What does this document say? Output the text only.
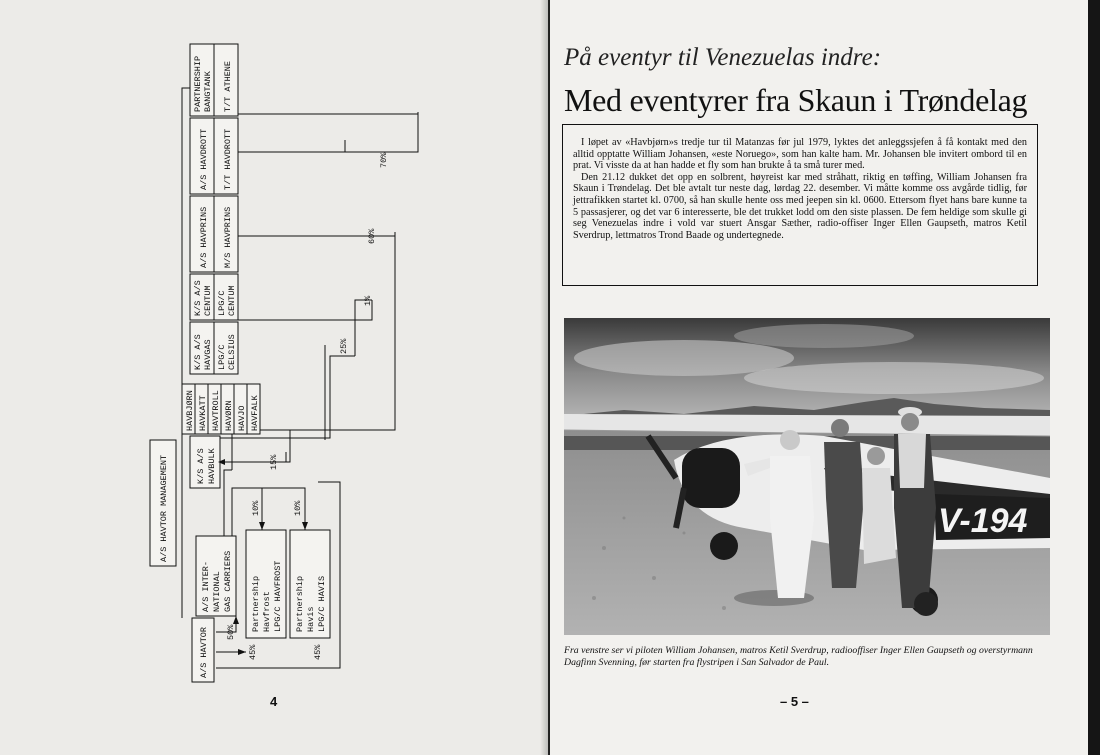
A/S HAVTOR MANAGEMENT
A/S HAVTOR 50%
45%	45%
A/S INTER- NATIONAL GAS CARRIERS Partnership Havfrost LPG/C HAVFROST
10%
Partnership Havis LPG/C HAVIS
10%
K/S A/S HAVBULK	15%
HAVBJØRN HAVKATT HAVTROLL HAVØRN HAVJO HAVFALK
K/S A/S HAVGAS LPG/C CELSIUS	25%
K/S A/S CENTUM LPG/C CENTUM	1%
A/S HAVPRINS M/S HAVPRINS	60%
A/S HAVDROTT T/T HAVDROTT	70%
PARTNERSHIP BANGTANK T/T ATHENE
4
På eventyr til Venezuelas indre:
Med eventyrer fra Skaun i Trøndelag

I løpet av «Havbjørn»s tredje tur til Matanzas før jul 1979, lyktes det anleggssjefen å få kontakt med den alltid opptatte William Johansen, «este Noruego», som han kalte ham. Mr. Johansen ble invitert ombord til en prat. Vi visste da at han hadde et fly som han brukte å ta små turer med.
Den 21.12 dukket det opp en solbrent, høyreist kar med stråhatt, riktig en tøffing, William Johansen fra Skaun i Trøndelag. Det ble avtalt tur neste dag, lørdag 22. desember. Vi måtte komme oss avgårde tidlig, før jettrafikken startet kl. 0700, så han skulle hente oss med jeepen sin kl. 0600. Ettersom flyet hans bare kunne ta 5 passasjerer, og det var 6 interesserte, ble det trukket lodd om den siste plassen. De fem heldige som skulle gi seg Venezuelas indre i vold var stuert Ansgar Sæther, radio-offiser Inger Ellen Gaupseth, matros Ketil Sverdrup, lettmatros Trond Baade og undertegnede.

V-194
Fra venstre ser vi piloten William Johansen, matros Ketil Sverdrup, radiooffiser Inger Ellen Gaupseth og overstyrmann Dagfinn Svenning, før starten fra flystripen i San Salvador de Paul.
– 5 –
